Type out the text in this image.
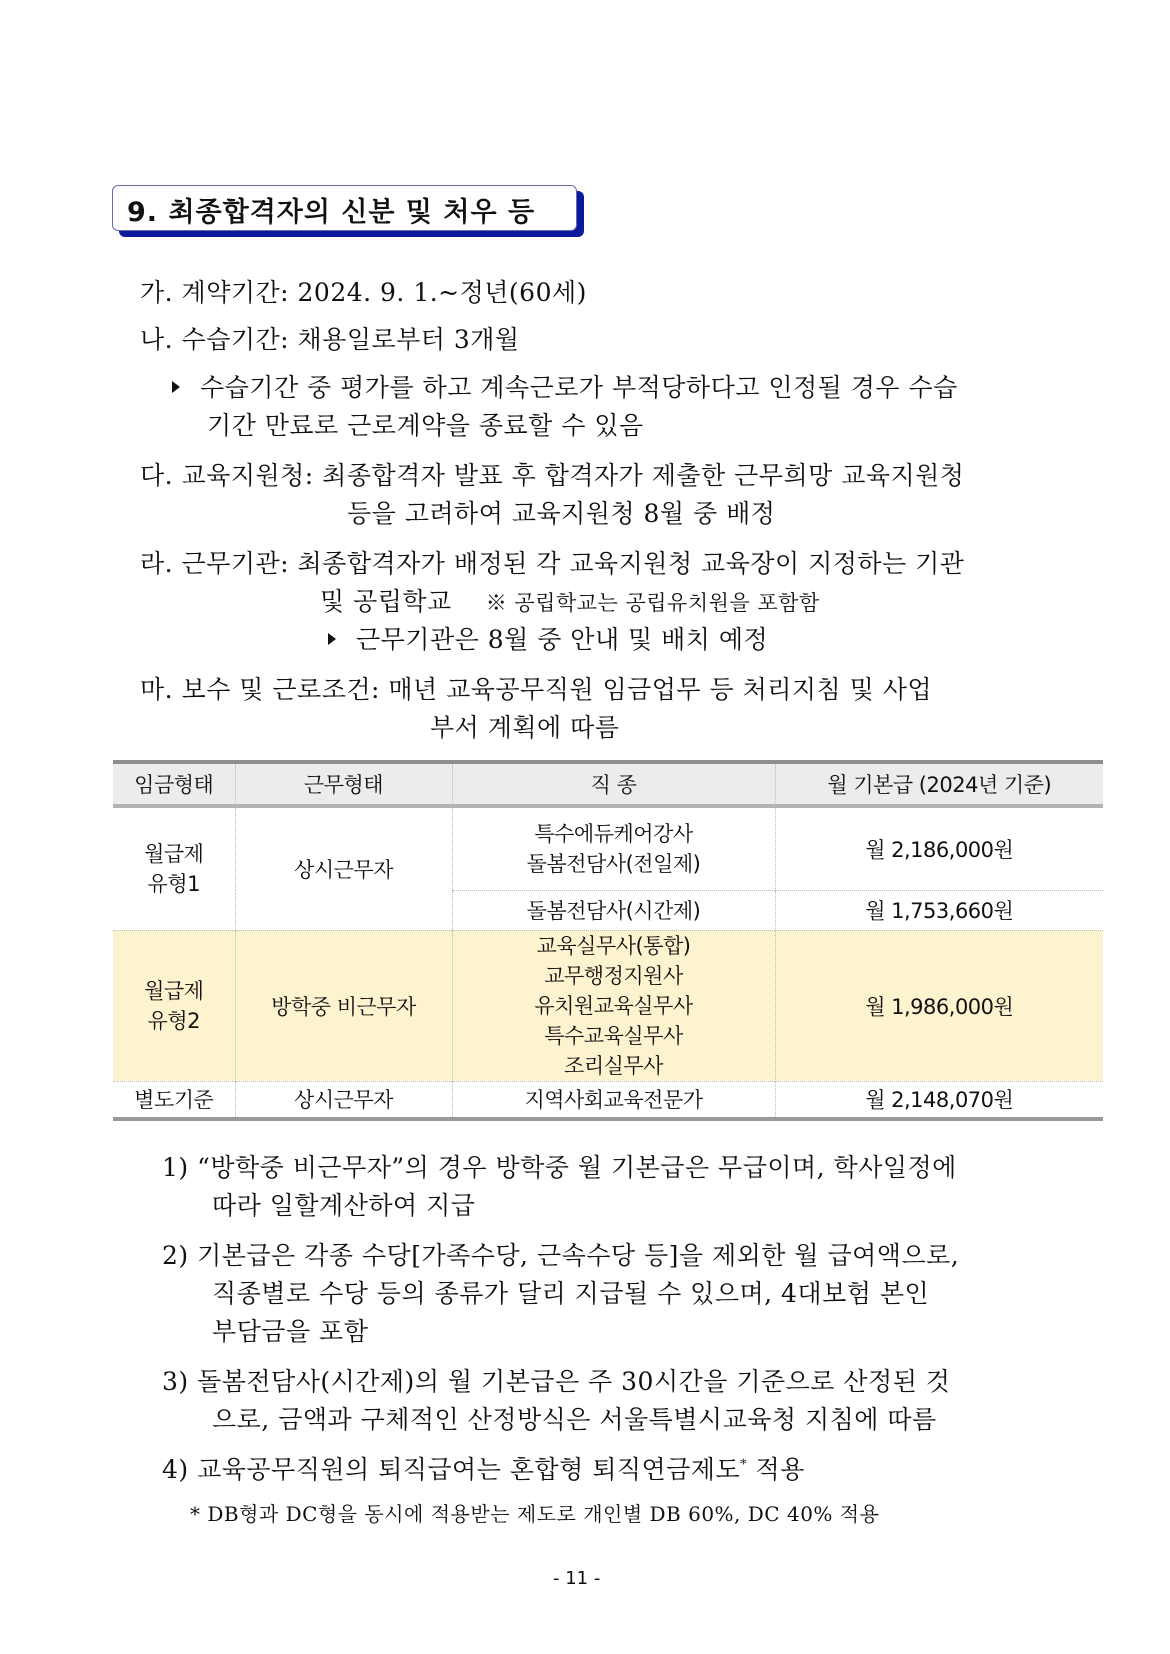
9. 최종합격자의 신분 및 처우 등
가. 계약기간: 2024. 9. 1.~정년(60세)
나. 수습기간: 채용일로부터 3개월
수습기간 중 평가를 하고 계속근로가 부적당하다고 인정될 경우 수습
기간 만료로 근로계약을 종료할 수 있음
다. 교육지원청: 최종합격자 발표 후 합격자가 제출한 근무희망 교육지원청
등을 고려하여 교육지원청 8월 중 배정
라. 근무기관: 최종합격자가 배정된 각 교육지원청 교육장이 지정하는 기관
및 공립학교 ※ 공립학교는 공립유치원을 포함함
근무기관은 8월 중 안내 및 배치 예정
마. 보수 및 근로조건: 매년 교육공무직원 임금업무 등 처리지침 및 사업
부서 계획에 따름
임금형태	근무형태	직 종	월 기본급 (2024년 기준)

월급제
유형1
	상시근무자	
특수에듀케어강사
돌봄전담사(전일제)
	월 2,186,000원
		돌봄전담사(시간제)	월 1,753,660원

월급제
유형2
	방학중 비근무자	
교육실무사(통합)
교무행정지원사
유치원교육실무사
특수교육실무사
조리실무사
	월 1,986,000원
별도기준	상시근무자	지역사회교육전문가	월 2,148,070원
1) “방학중 비근무자”의 경우 방학중 월 기본급은 무급이며, 학사일정에
따라 일할계산하여 지급
2) 기본급은 각종 수당[가족수당, 근속수당 등]을 제외한 월 급여액으로,
직종별로 수당 등의 종류가 달리 지급될 수 있으며, 4대보험 본인
부담금을 포함
3) 돌봄전담사(시간제)의 월 기본급은 주 30시간을 기준으로 산정된 것
으로, 금액과 구체적인 산정방식은 서울특별시교육청 지침에 따름
4) 교육공무직원의 퇴직급여는 혼합형 퇴직연금제도* 적용
* DB형과 DC형을 동시에 적용받는 제도로 개인별 DB 60%, DC 40% 적용
- 11 -
